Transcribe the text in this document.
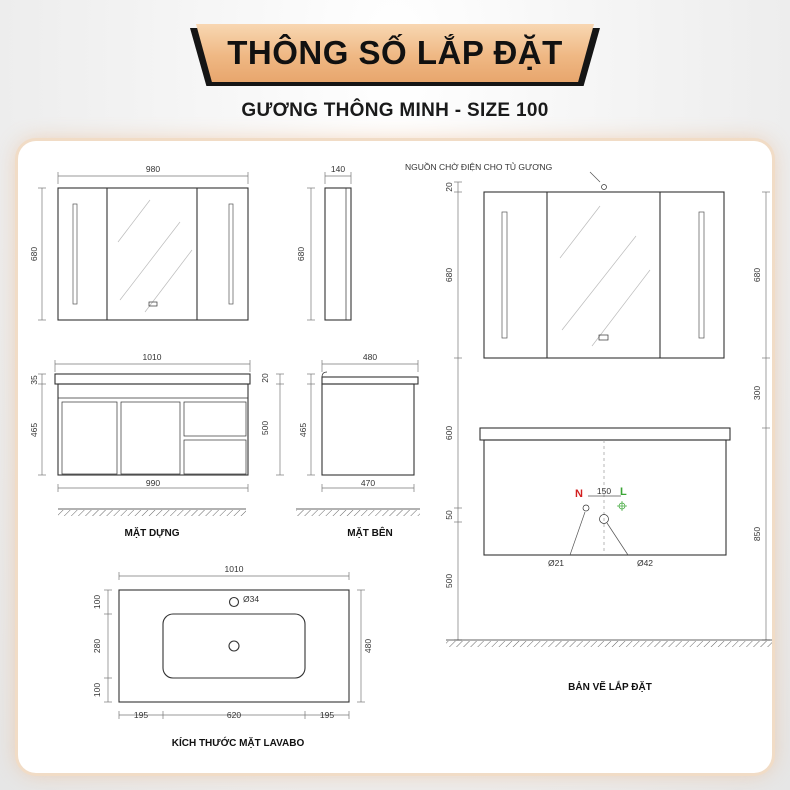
THÔNG SỐ LẮP ĐẶT
GƯƠNG THÔNG MINH - SIZE 100
980
680
140
680
1010
35
465
990
MẶT DỰNG
480
20
500	465
470
MẶT BÊN
1010
Ø34
100
280
100
480
195	620	195
KÍCH THƯỚC MẶT LAVABO
NGUỒN CHỜ ĐIỆN CHO TỦ GƯƠNG
20
680
600
50
500
680
300
850
N	L
150
Ø21	Ø42
BẢN VẼ LẮP ĐẶT
